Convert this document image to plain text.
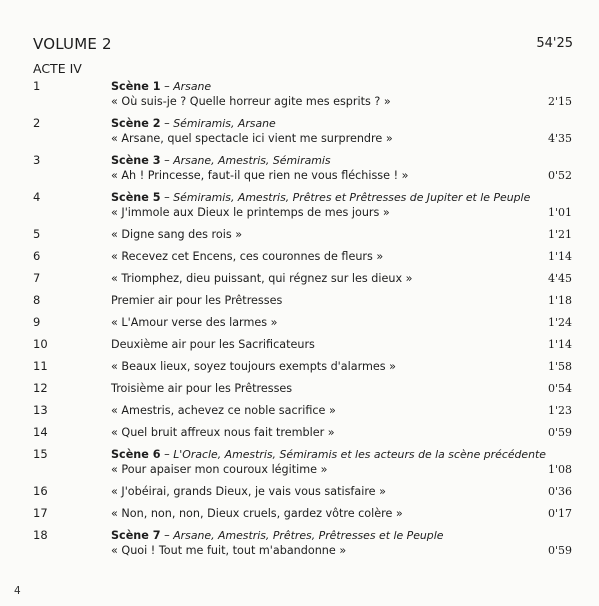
VOLUME 2	54'25
ACTE IV
1	Scène 1 – Arsane
« Où suis-je ? Quelle horreur agite mes esprits ? »	2'15
2	Scène 2 – Sémiramis, Arsane
« Arsane, quel spectacle ici vient me surprendre »	4'35
3	Scène 3 – Arsane, Amestris, Sémiramis
« Ah ! Princesse, faut-il que rien ne vous fléchisse ! »	0'52
4	Scène 5 – Sémiramis, Amestris, Prêtres et Prêtresses de Jupiter et le Peuple
« J'immole aux Dieux le printemps de mes jours »	1'01
5	« Digne sang des rois »	1'21
6	« Recevez cet Encens, ces couronnes de fleurs »	1'14
7	« Triomphez, dieu puissant, qui régnez sur les dieux »	4'45
8	Premier air pour les Prêtresses	1'18
9	« L'Amour verse des larmes »	1'24
10	Deuxième air pour les Sacrificateurs	1'14
11	« Beaux lieux, soyez toujours exempts d'alarmes »	1'58
12	Troisième air pour les Prêtresses	0'54
13	« Amestris, achevez ce noble sacrifice »	1'23
14	« Quel bruit affreux nous fait trembler »	0'59
15	Scène 6 – L'Oracle, Amestris, Sémiramis et les acteurs de la scène précédente
« Pour apaiser mon couroux légitime »	1'08
16	« J'obéirai, grands Dieux, je vais vous satisfaire »	0'36
17	« Non, non, non, Dieux cruels, gardez vôtre colère »	0'17
18	Scène 7 – Arsane, Amestris, Prêtres, Prêtresses et le Peuple
« Quoi ! Tout me fuit, tout m'abandonne »	0'59
4
